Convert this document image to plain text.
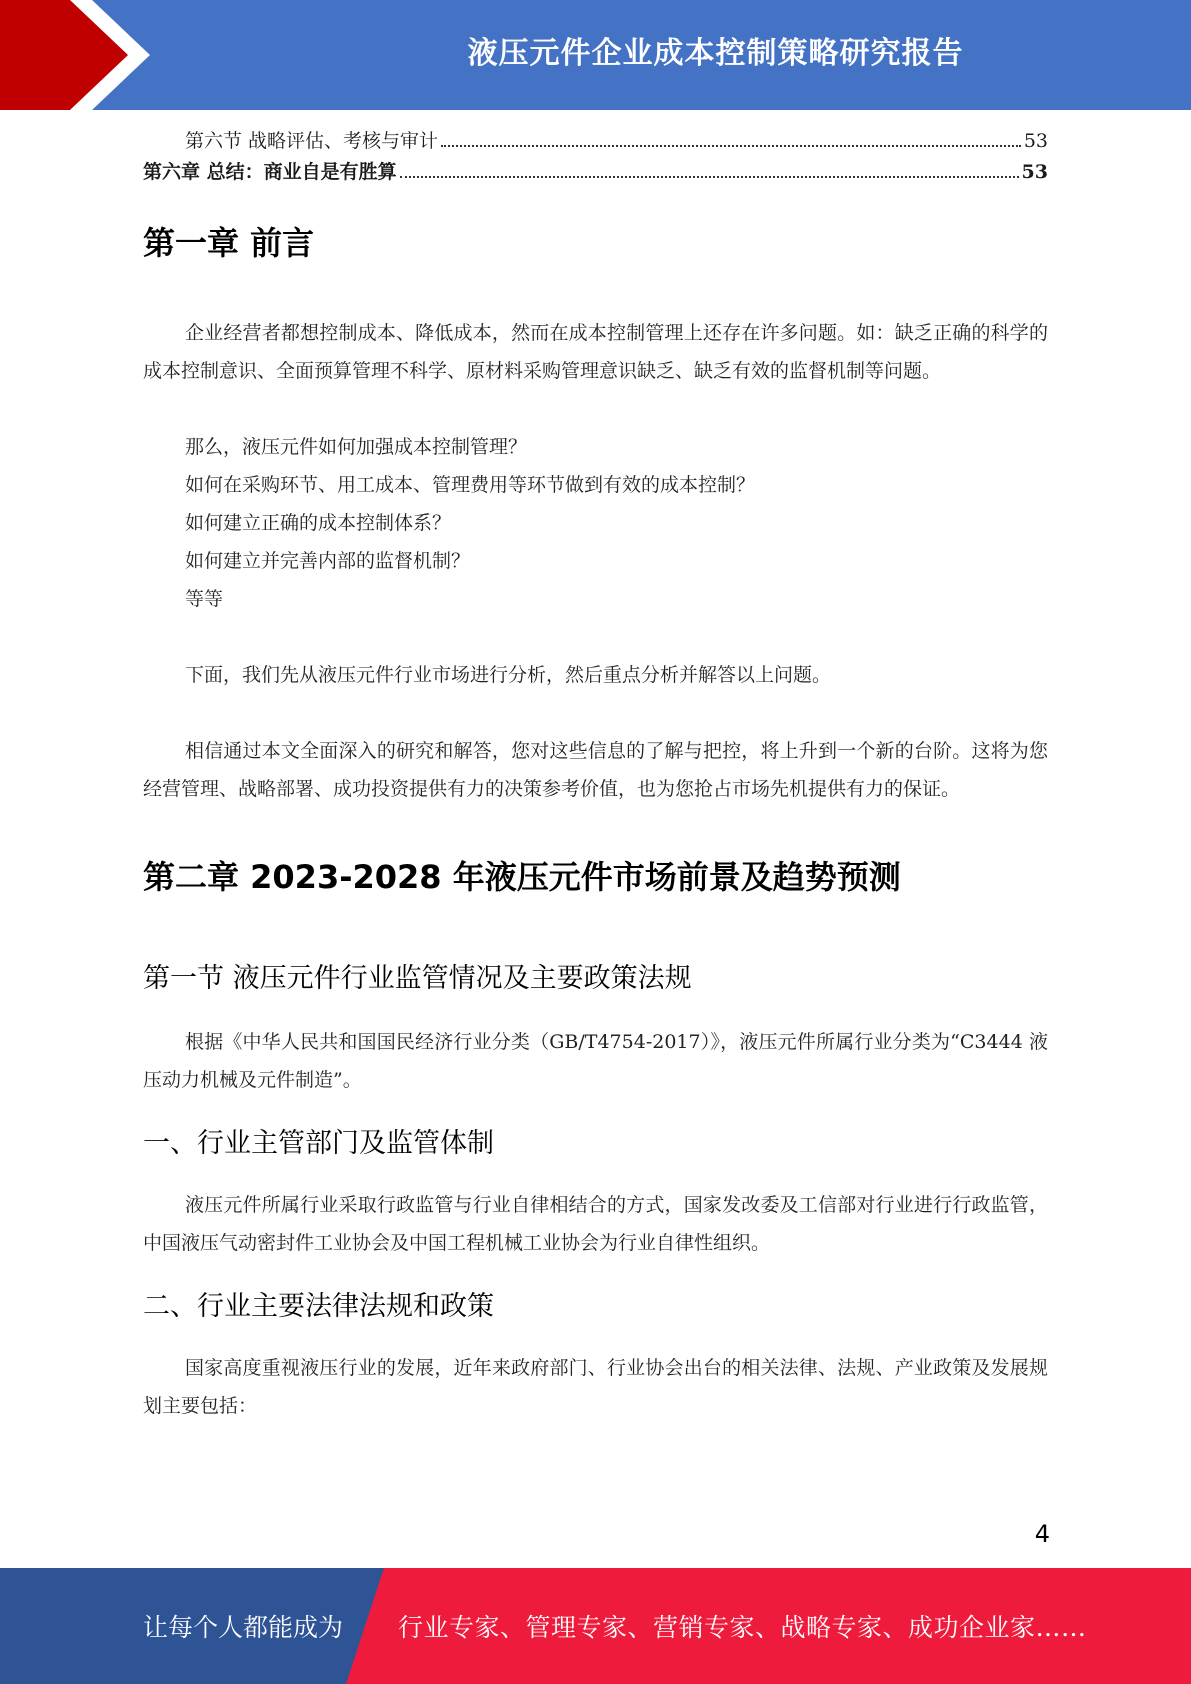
液压元件企业成本控制策略研究报告
第六节 战略评估、考核与审计	53
第六章 总结：商业自是有胜算	53
第一章 前言

企业经营者都想控制成本、降低成本，然而在成本控制管理上还存在许多问题。如：缺乏正确的科学的成本控制意识、全面预算管理不科学、原材料采购管理意识缺乏、缺乏有效的监督机制等问题。

那么，液压元件如何加强成本控制管理？
如何在采购环节、用工成本、管理费用等环节做到有效的成本控制？
如何建立正确的成本控制体系？
如何建立并完善内部的监督机制？
等等

下面，我们先从液压元件行业市场进行分析，然后重点分析并解答以上问题。

相信通过本文全面深入的研究和解答，您对这些信息的了解与把控，将上升到一个新的台阶。这将为您经营管理、战略部署、成功投资提供有力的决策参考价值，也为您抢占市场先机提供有力的保证。

第二章 2023-2028 年液压元件市场前景及趋势预测
第一节 液压元件行业监管情况及主要政策法规

根据《中华人民共和国国民经济行业分类（GB/T4754-2017）》，液压元件所属行业分类为“C3444 液压动力机械及元件制造”。

一、行业主管部门及监管体制

液压元件所属行业采取行政监管与行业自律相结合的方式，国家发改委及工信部对行业进行行政监管，中国液压气动密封件工业协会及中国工程机械工业协会为行业自律性组织。

二、行业主要法律法规和政策

国家高度重视液压行业的发展，近年来政府部门、行业协会出台的相关法律、法规、产业政策及发展规划主要包括：

4
让每个人都能成为 行业专家、管理专家、营销专家、战略专家、成功企业家……
